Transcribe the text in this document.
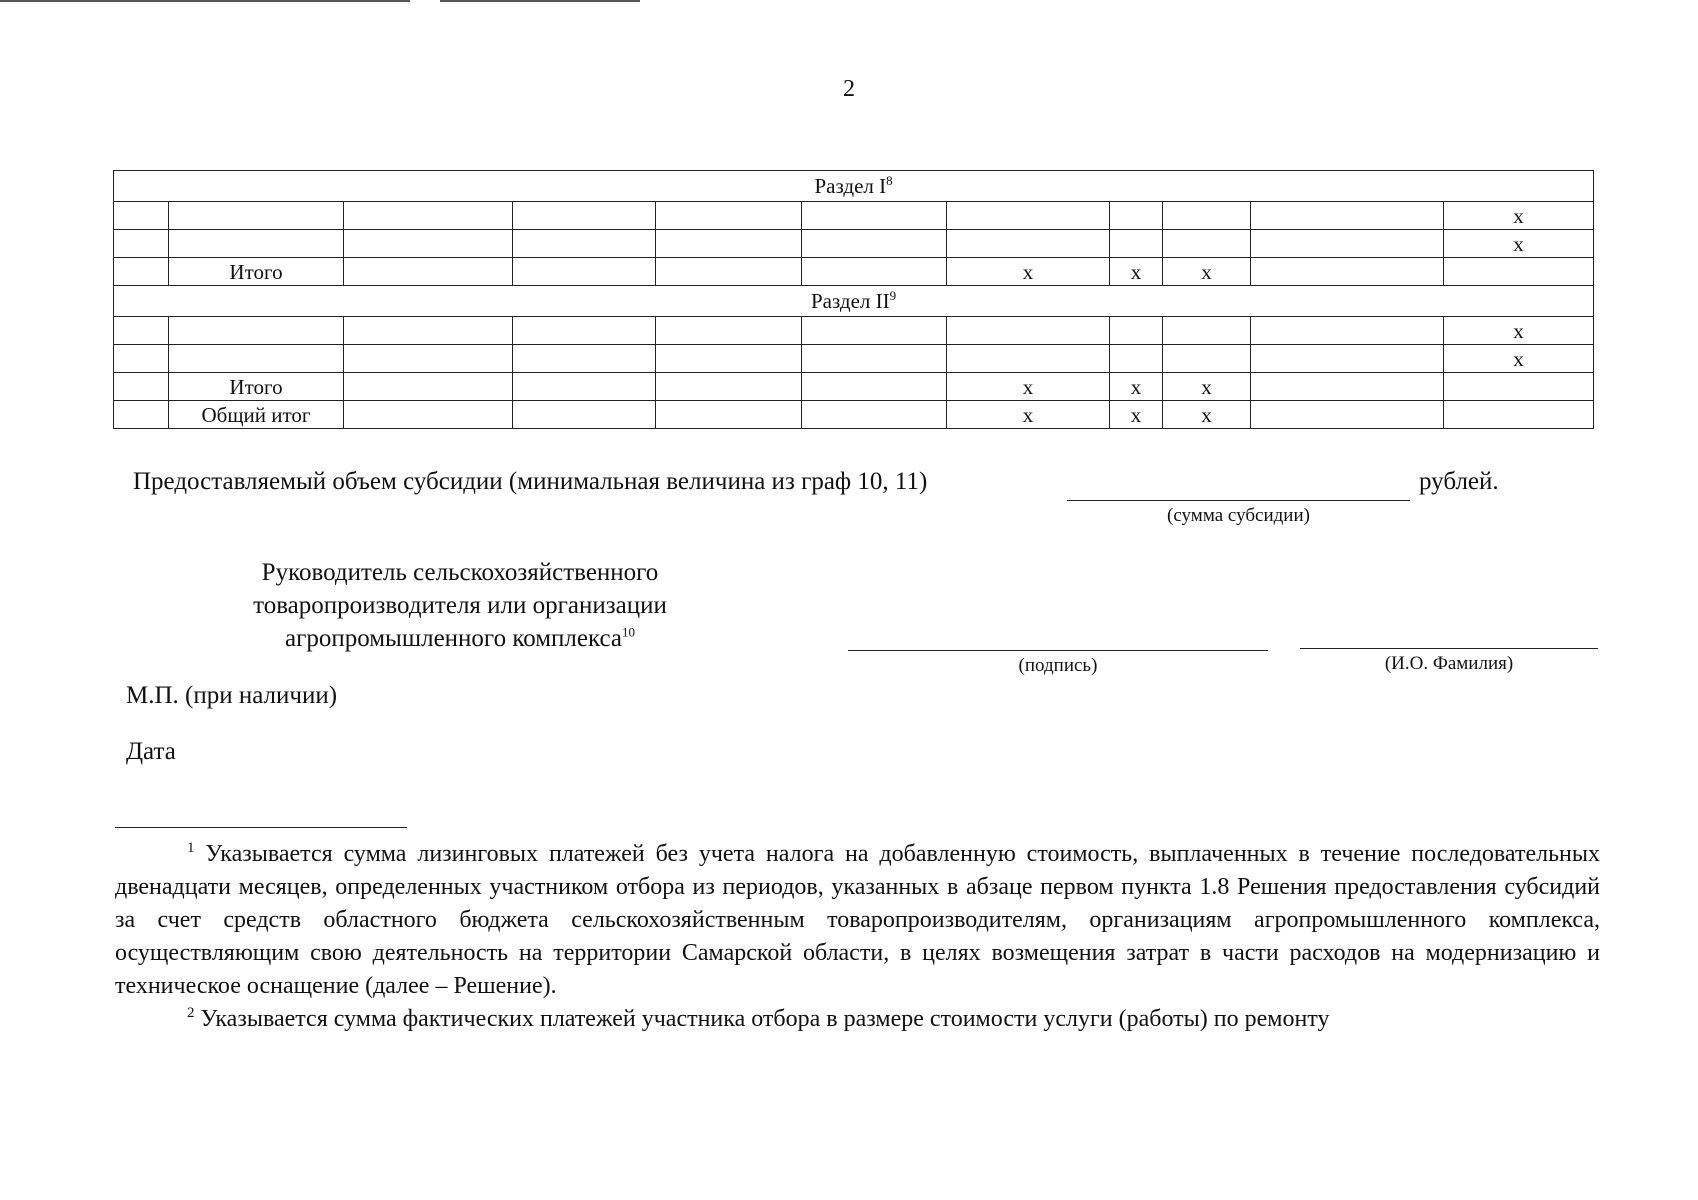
2
Раздел $I^8$
										x
										x
	Итого					x	x	x		
Раздел $II^9$
										x
										x
	Итого					x	x	x		
	Общий итог					x	x	x		
Предоставляемый объем субсидии (минимальная величина из граф 10, 11)
(сумма субсидии)
рублей.
Руководитель сельскохозяйственного
товаропроизводителя или организации
агропромышленного комплекса$^{10}$
(подпись)	(И.О. Фамилия)
М.П. (при наличии)
Дата

$^1$ Указывается сумма лизинговых платежей без учета налога на добавленную стоимость, выплаченных в течение последовательных двенадцати месяцев, определенных участником отбора из периодов, указанных в абзаце первом пункта 1.8 Решения предоставления субсидий за счет средств областного бюджета сельскохозяйственным товаропроизводителям, организациям агропромышленного комплекса, осуществляющим свою деятельность на территории Самарской области, в целях возмещения затрат в части расходов на модернизацию и техническое оснащение (далее – Решение).

$^2$ Указывается сумма фактических платежей участника отбора в размере стоимости услуги (работы) по ремонту
